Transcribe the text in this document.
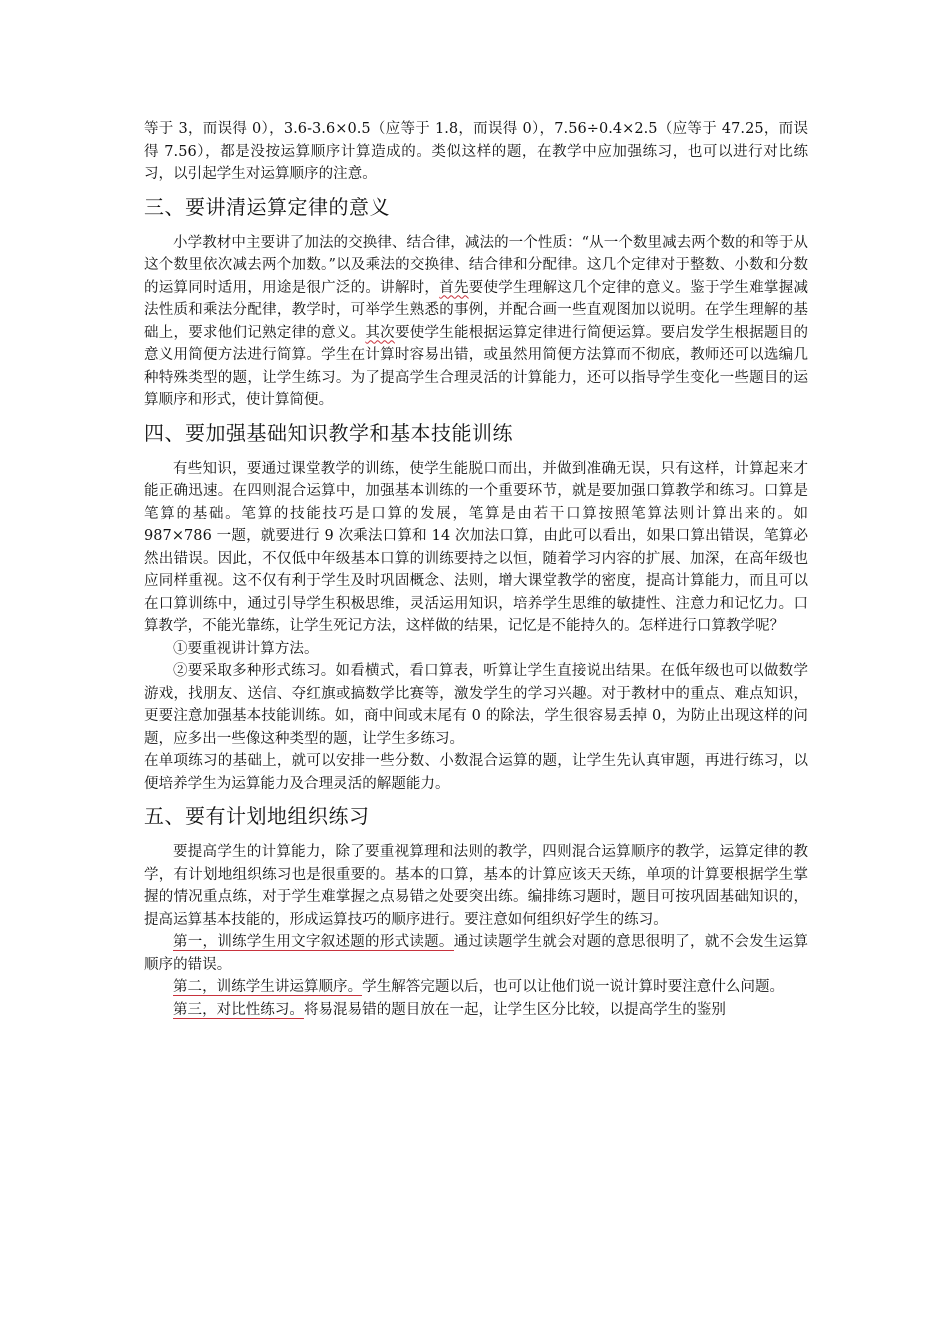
等于 3，而误得 0），3.6-3.6×0.5（应等于 1.8，而误得 0），7.56÷0.4×2.5（应等于 47.25，而误得 7.56），都是没按运算顺序计算造成的。类似这样的题，在教学中应加强练习，也可以进行对比练习，以引起学生对运算顺序的注意。

三、要讲清运算定律的意义

小学教材中主要讲了加法的交换律、结合律，减法的一个性质：“从一个数里减去两个数的和等于从这个数里依次减去两个加数。”以及乘法的交换律、结合律和分配律。这几个定律对于整数、小数和分数的运算同时适用，用途是很广泛的。讲解时，首先要使学生理解这几个定律的意义。鉴于学生难掌握减法性质和乘法分配律，教学时，可举学生熟悉的事例，并配合画一些直观图加以说明。在学生理解的基础上，要求他们记熟定律的意义。其次要使学生能根据运算定律进行简便运算。要启发学生根据题目的意义用简便方法进行简算。学生在计算时容易出错，或虽然用简便方法算而不彻底，教师还可以选编几种特殊类型的题，让学生练习。为了提高学生合理灵活的计算能力，还可以指导学生变化一些题目的运算顺序和形式，使计算简便。

四、要加强基础知识教学和基本技能训练

有些知识，要通过课堂教学的训练，使学生能脱口而出，并做到准确无误，只有这样，计算起来才能正确迅速。在四则混合运算中，加强基本训练的一个重要环节，就是要加强口算教学和练习。口算是笔算的基础。笔算的技能技巧是口算的发展，笔算是由若干口算按照笔算法则计算出来的。如 987×786 一题，就要进行 9 次乘法口算和 14 次加法口算，由此可以看出，如果口算出错误，笔算必然出错误。因此，不仅低中年级基本口算的训练要持之以恒，随着学习内容的扩展、加深，在高年级也应同样重视。这不仅有利于学生及时巩固概念、法则，增大课堂教学的密度，提高计算能力，而且可以在口算训练中，通过引导学生积极思维，灵活运用知识，培养学生思维的敏捷性、注意力和记忆力。口算教学，不能光靠练，让学生死记方法，这样做的结果，记忆是不能持久的。怎样进行口算教学呢？

①要重视讲计算方法。

②要采取多种形式练习。如看横式，看口算表，听算让学生直接说出结果。在低年级也可以做数学游戏，找朋友、送信、夺红旗或搞数学比赛等，激发学生的学习兴趣。对于教材中的重点、难点知识，更要注意加强基本技能训练。如，商中间或末尾有 0 的除法，学生很容易丢掉 0，为防止出现这样的问题，应多出一些像这种类型的题，让学生多练习。

在单项练习的基础上，就可以安排一些分数、小数混合运算的题，让学生先认真审题，再进行练习，以便培养学生为运算能力及合理灵活的解题能力。

五、要有计划地组织练习

要提高学生的计算能力，除了要重视算理和法则的教学，四则混合运算顺序的教学，运算定律的教学，有计划地组织练习也是很重要的。基本的口算，基本的计算应该天天练，单项的计算要根据学生掌握的情况重点练，对于学生难掌握之点易错之处要突出练。编排练习题时，题目可按巩固基础知识的，提高运算基本技能的，形成运算技巧的顺序进行。要注意如何组织好学生的练习。

第一，训练学生用文字叙述题的形式读题。通过读题学生就会对题的意思很明了，就不会发生运算顺序的错误。

第二，训练学生讲运算顺序。学生解答完题以后，也可以让他们说一说计算时要注意什么问题。

第三，对比性练习。将易混易错的题目放在一起，让学生区分比较，以提高学生的鉴别
